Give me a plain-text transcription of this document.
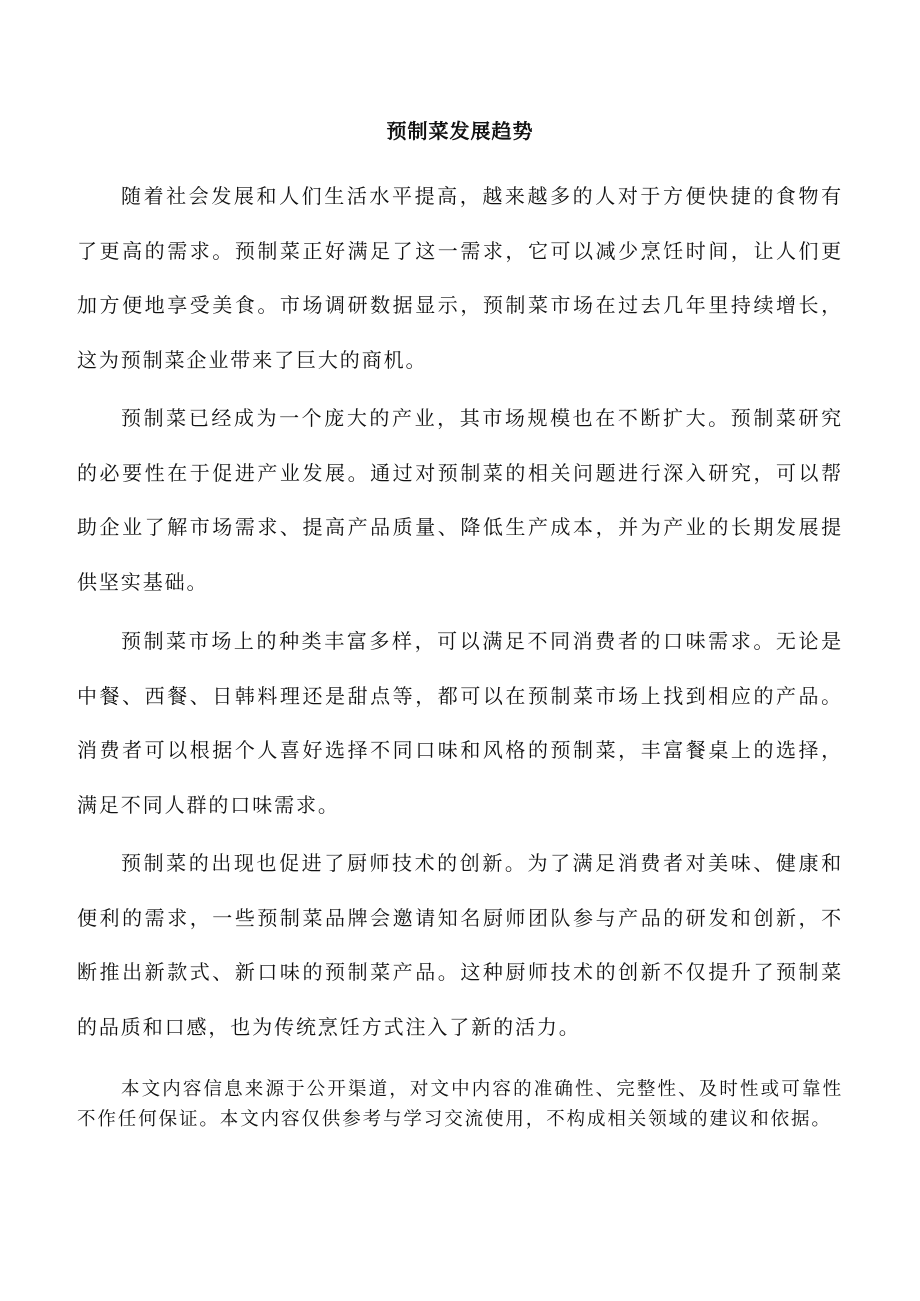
预制菜发展趋势

随着社会发展和人们生活水平提高，越来越多的人对于方便快捷的食物有了更高的需求。预制菜正好满足了这一需求，它可以减少烹饪时间，让人们更加方便地享受美食。市场调研数据显示，预制菜市场在过去几年里持续增长，这为预制菜企业带来了巨大的商机。

预制菜已经成为一个庞大的产业，其市场规模也在不断扩大。预制菜研究的必要性在于促进产业发展。通过对预制菜的相关问题进行深入研究，可以帮助企业了解市场需求、提高产品质量、降低生产成本，并为产业的长期发展提供坚实基础。

预制菜市场上的种类丰富多样，可以满足不同消费者的口味需求。无论是中餐、西餐、日韩料理还是甜点等，都可以在预制菜市场上找到相应的产品。消费者可以根据个人喜好选择不同口味和风格的预制菜，丰富餐桌上的选择，满足不同人群的口味需求。

预制菜的出现也促进了厨师技术的创新。为了满足消费者对美味、健康和便利的需求，一些预制菜品牌会邀请知名厨师团队参与产品的研发和创新，不断推出新款式、新口味的预制菜产品。这种厨师技术的创新不仅提升了预制菜的品质和口感，也为传统烹饪方式注入了新的活力。

本文内容信息来源于公开渠道，对文中内容的准确性、完整性、及时性或可靠性不作任何保证。本文内容仅供参考与学习交流使用，不构成相关领域的建议和依据。
